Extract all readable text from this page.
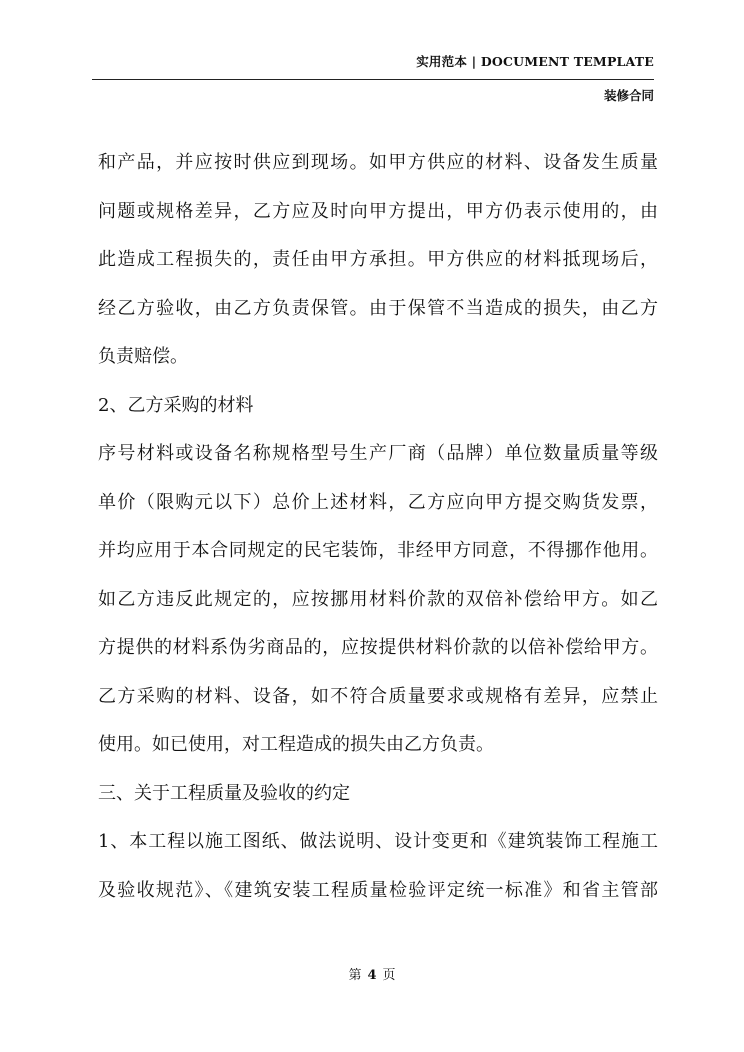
实用范本 | DOCUMENT TEMPLATE
装修合同
和产品，并应按时供应到现场。如甲方供应的材料、设备发生质量
问题或规格差异，乙方应及时向甲方提出，甲方仍表示使用的，由
此造成工程损失的，责任由甲方承担。甲方供应的材料抵现场后，
经乙方验收，由乙方负责保管。由于保管不当造成的损失，由乙方
负责赔偿。
2、乙方采购的材料
序号材料或设备名称规格型号生产厂商（品牌）单位数量质量等级
单价（限购元以下）总价上述材料，乙方应向甲方提交购货发票，
并均应用于本合同规定的民宅装饰，非经甲方同意，不得挪作他用。
如乙方违反此规定的，应按挪用材料价款的双倍补偿给甲方。如乙
方提供的材料系伪劣商品的，应按提供材料价款的以倍补偿给甲方。
乙方采购的材料、设备，如不符合质量要求或规格有差异，应禁止
使用。如已使用，对工程造成的损失由乙方负责。
三、关于工程质量及验收的约定
1、本工程以施工图纸、做法说明、设计变更和《建筑装饰工程施工
及验收规范》、《建筑安装工程质量检验评定统一标准》和省主管部
第 4 页
